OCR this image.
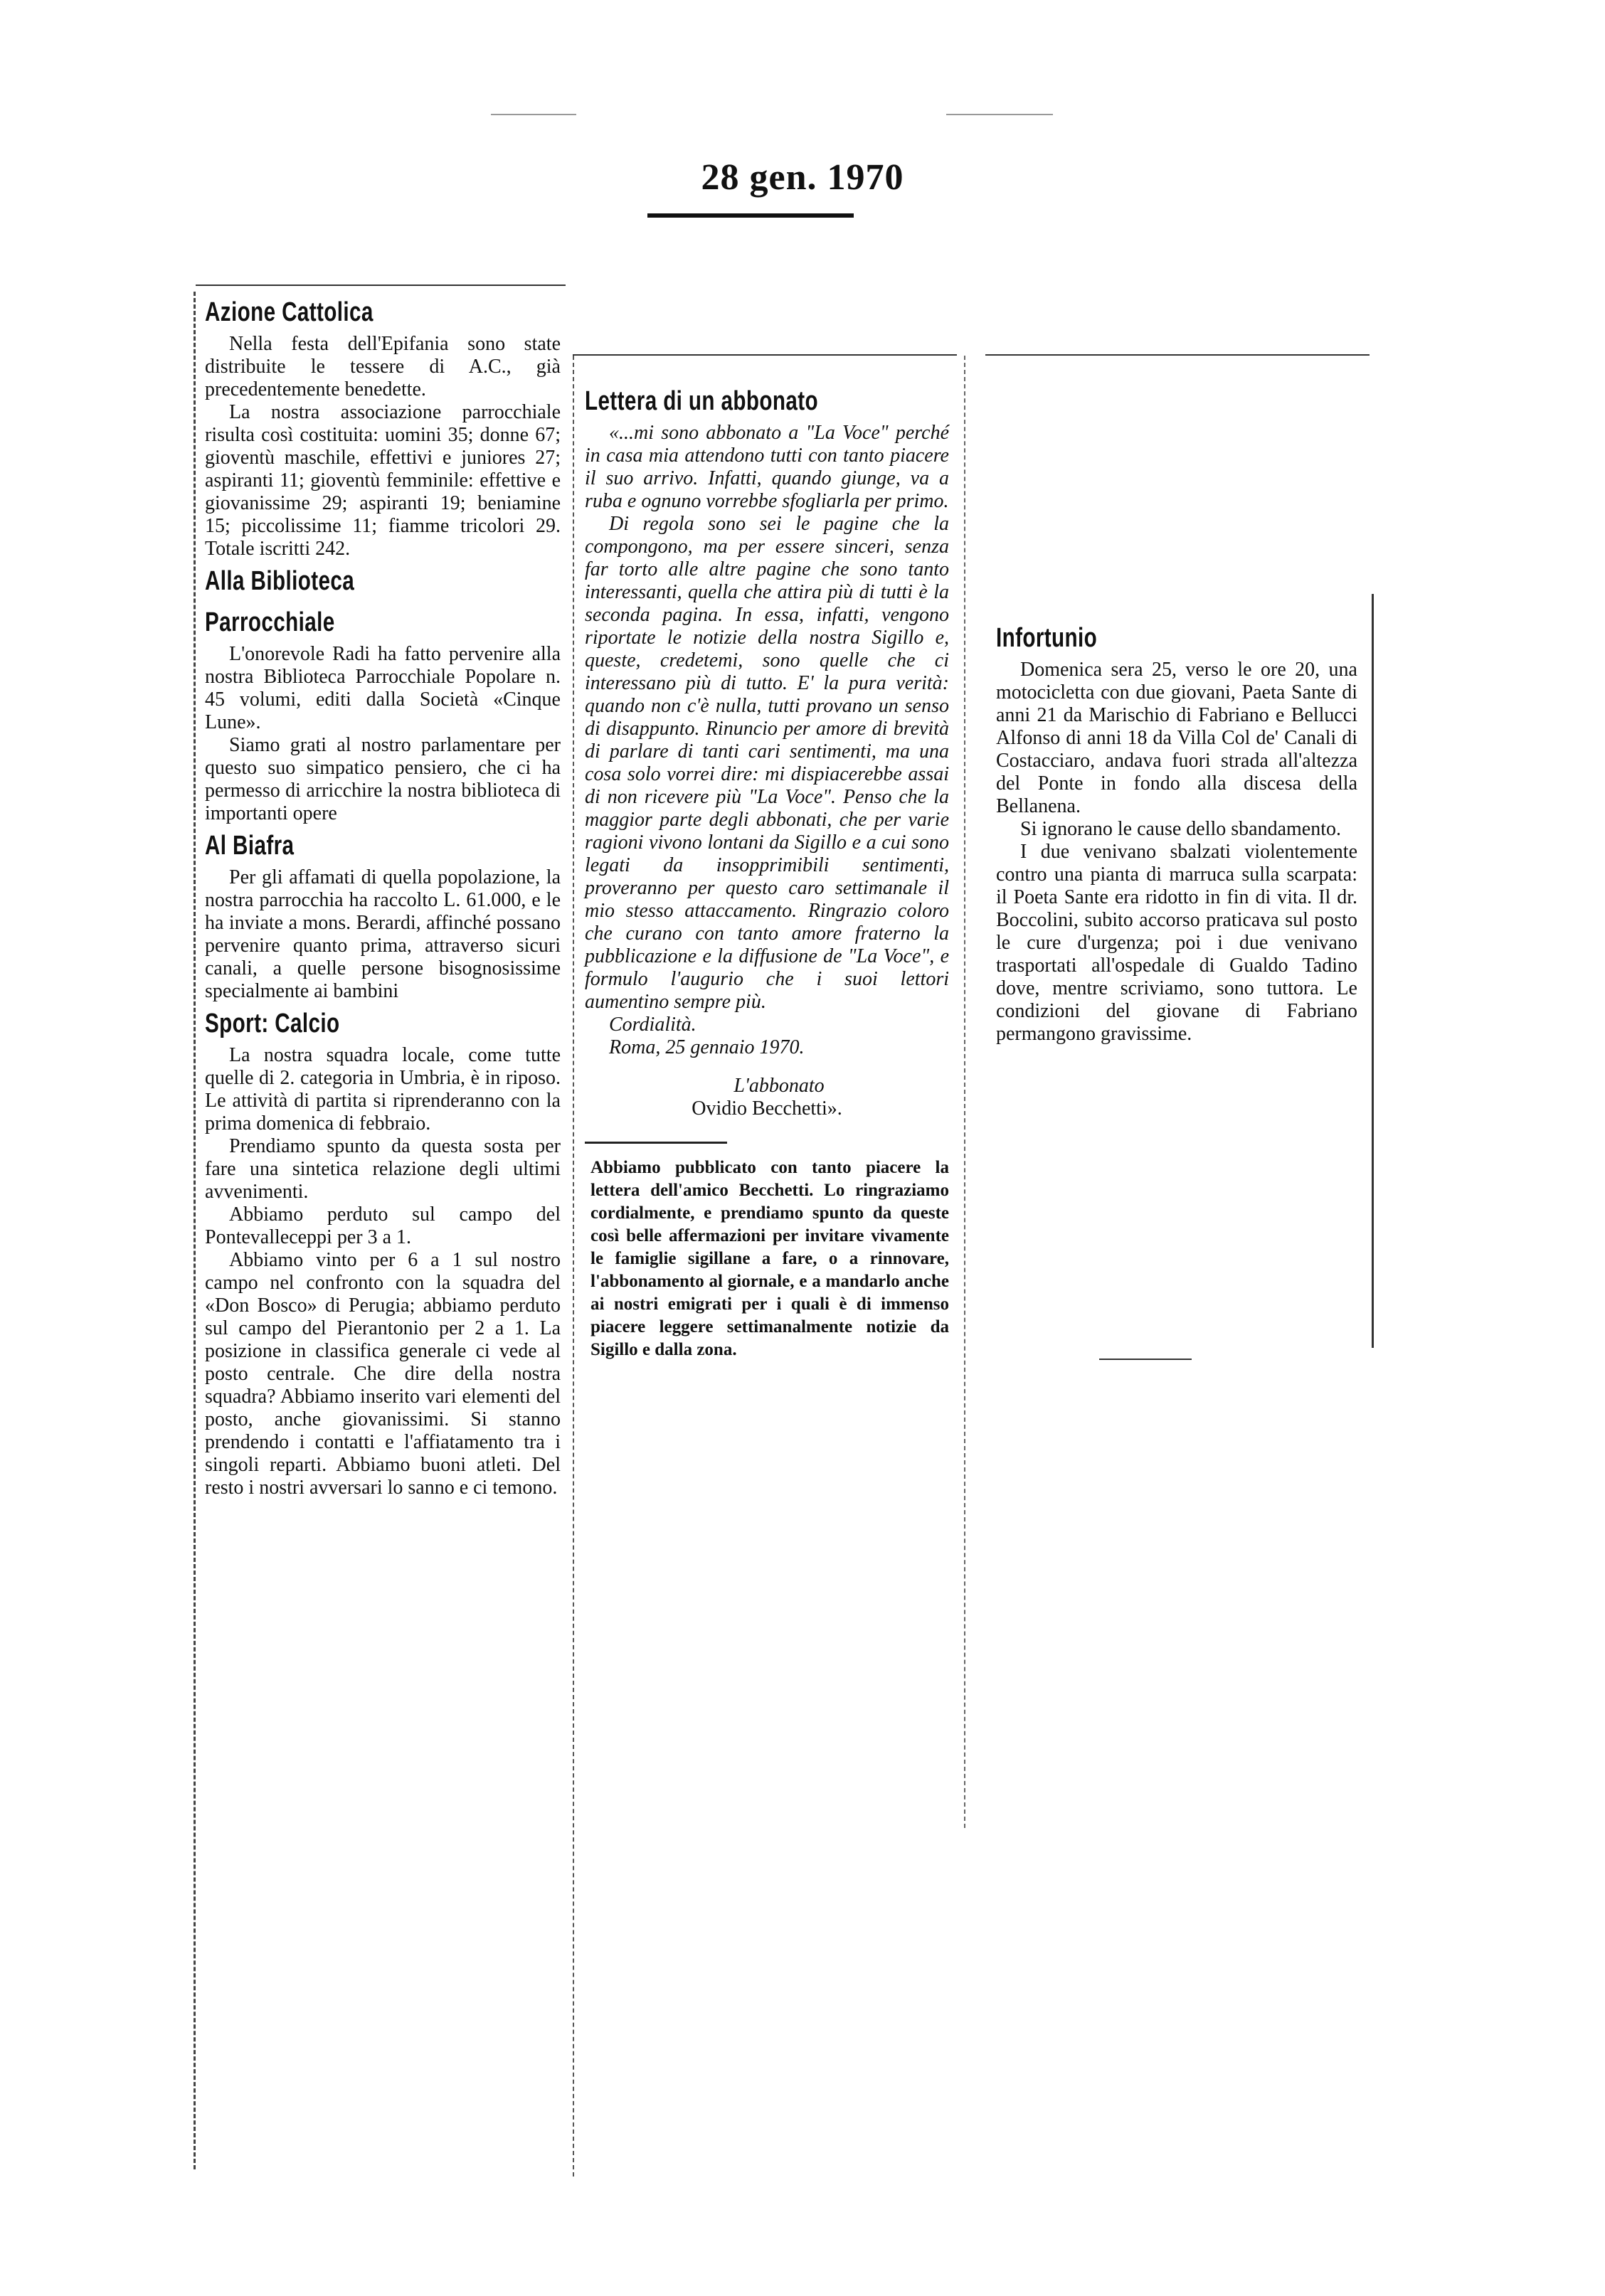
28 gen. 1970
Azione Cattolica

Nella festa dell'Epifania sono state distribuite le tessere di A.C., già precedentemente benedette.

La nostra associazione parrocchiale risulta così costituita: uomini 35; donne 67; gioventù maschile, effettivi e juniores 27; aspiranti 11; gioventù femminile: effettive e giovanissime 29; aspiranti 19; beniamine 15; piccolissime 11; fiamme tricolori 29. Totale iscritti 242.

Alla Biblioteca
Parrocchiale

L'onorevole Radi ha fatto pervenire alla nostra Biblioteca Parrocchiale Popolare n. 45 volumi, editi dalla Società «Cinque Lune».

Siamo grati al nostro parlamentare per questo suo simpatico pensiero, che ci ha permesso di arricchire la nostra biblioteca di importanti opere

Al Biafra

Per gli affamati di quella popolazione, la nostra parrocchia ha raccolto L. 61.000, e le ha inviate a mons. Berardi, affinché possano pervenire quanto prima, attraverso sicuri canali, a quelle persone bisognosissime specialmente ai bambini

Sport: Calcio

La nostra squadra locale, come tutte quelle di 2. categoria in Umbria, è in riposo. Le attività di partita si riprenderanno con la prima domenica di febbraio.

Prendiamo spunto da questa sosta per fare una sintetica relazione degli ultimi avvenimenti.

Abbiamo perduto sul campo del Pontevalleceppi per 3 a 1.

Abbiamo vinto per 6 a 1 sul nostro campo nel confronto con la squadra del «Don Bosco» di Perugia; abbiamo perduto sul campo del Pierantonio per 2 a 1. La posizione in classifica generale ci vede al posto centrale. Che dire della nostra squadra? Abbiamo inserito vari elementi del posto, anche giovanissimi. Si stanno prendendo i contatti e l'affiatamento tra i singoli reparti. Abbiamo buoni atleti. Del resto i nostri avversari lo sanno e ci temono.

Lettera di un abbonato

«...mi sono abbonato a "La Voce" perché in casa mia attendono tutti con tanto piacere il suo arrivo. Infatti, quando giunge, va a ruba e ognuno vorrebbe sfogliarla per primo.

Di regola sono sei le pagine che la compongono, ma per essere sinceri, senza far torto alle altre pagine che sono tanto interessanti, quella che attira più di tutti è la seconda pagina. In essa, infatti, vengono riportate le notizie della nostra Sigillo e, queste, credetemi, sono quelle che ci interessano più di tutto. E' la pura verità: quando non c'è nulla, tutti provano un senso di disappunto. Rinuncio per amore di brevità di parlare di tanti cari sentimenti, ma una cosa solo vorrei dire: mi dispiacerebbe assai di non ricevere più "La Voce". Penso che la maggior parte degli abbonati, che per varie ragioni vivono lontani da Sigillo e a cui sono legati da insopprimibili sentimenti, proveranno per questo caro settimanale il mio stesso attaccamento. Ringrazio coloro che curano con tanto amore fraterno la pubblicazione e la diffusione de "La Voce", e formulo l'augurio che i suoi lettori aumentino sempre più.

Cordialità.

Roma, 25 gennaio 1970.

L'abbonato

Ovidio Becchetti».

Abbiamo pubblicato con tanto piacere la lettera dell'amico Becchetti. Lo ringraziamo cordialmente, e prendiamo spunto da queste così belle affermazioni per invitare vivamente le famiglie sigillane a fare, o a rinnovare, l'abbonamento al giornale, e a mandarlo anche ai nostri emigrati per i quali è di immenso piacere leggere settimanalmente notizie da Sigillo e dalla zona.
Infortunio

Domenica sera 25, verso le ore 20, una motocicletta con due giovani, Paeta Sante di anni 21 da Marischio di Fabriano e Bellucci Alfonso di anni 18 da Villa Col de' Canali di Costacciaro, andava fuori strada all'altezza del Ponte in fondo alla discesa della Bellanena.

Si ignorano le cause dello sbandamento.

I due venivano sbalzati violentemente contro una pianta di marruca sulla scarpata: il Poeta Sante era ridotto in fin di vita. Il dr. Boccolini, subito accorso praticava sul posto le cure d'urgenza; poi i due venivano trasportati all'ospedale di Gualdo Tadino dove, mentre scriviamo, sono tuttora. Le condizioni del giovane di Fabriano permangono gravissime.
